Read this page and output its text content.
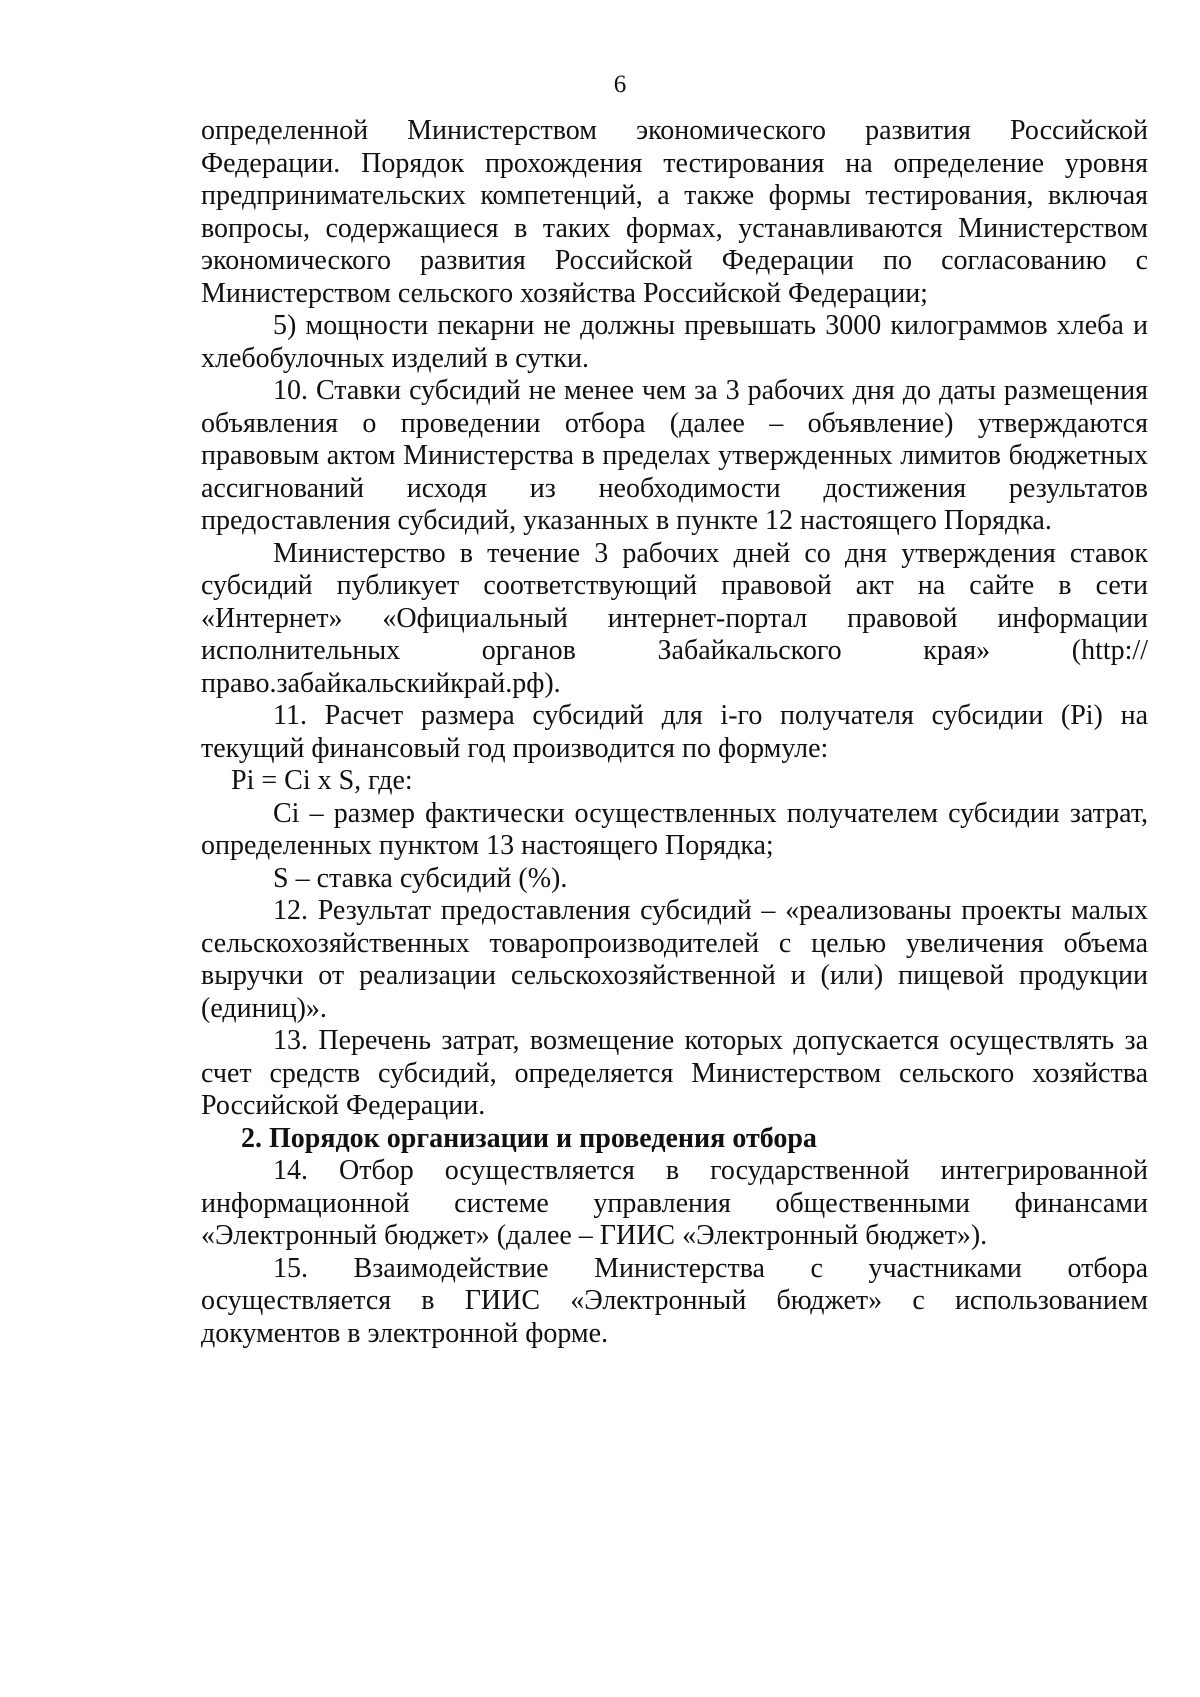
6

определенной Министерством экономического развития Российской Федерации. Порядок прохождения тестирования на определение уровня предпринимательских компетенций, а также формы тестирования, включая вопросы, содержащиеся в таких формах, устанавливаются Министерством экономического развития Российской Федерации по согласованию с Министерством сельского хозяйства Российской Федерации;

5) мощности пекарни не должны превышать 3000 килограммов хлеба и хлебобулочных изделий в сутки.

10. Ставки субсидий не менее чем за 3 рабочих дня до даты размещения объявления о проведении отбора (далее – объявление) утверждаются правовым актом Министерства в пределах утвержденных лимитов бюджетных ассигнований исходя из необходимости достижения результатов предоставления субсидий, указанных в пункте 12 настоящего Порядка.

Министерство в течение 3 рабочих дней со дня утверждения ставок субсидий публикует соответствующий правовой акт на сайте в сети «Интернет» «Официальный интернет-портал правовой информации исполнительных органов Забайкальского края» (http://право.забайкальскийкрай.рф).

11. Расчет размера субсидий для i-го получателя субсидии (Pi) на текущий финансовый год производится по формуле:

Pi = Ci x S, где:

Ci – размер фактически осуществленных получателем субсидии затрат, определенных пунктом 13 настоящего Порядка;

S – ставка субсидий (%).

12. Результат предоставления субсидий – «реализованы проекты малых сельскохозяйственных товаропроизводителей с целью увеличения объема выручки от реализации сельскохозяйственной и (или) пищевой продукции (единиц)».

13. Перечень затрат, возмещение которых допускается осуществлять за счет средств субсидий, определяется Министерством сельского хозяйства Российской Федерации.

2. Порядок организации и проведения отбора

14. Отбор осуществляется в государственной интегрированной информационной системе управления общественными финансами «Электронный бюджет» (далее – ГИИС «Электронный бюджет»).

15. Взаимодействие Министерства с участниками отбора осуществляется в ГИИС «Электронный бюджет» с использованием документов в электронной форме.
